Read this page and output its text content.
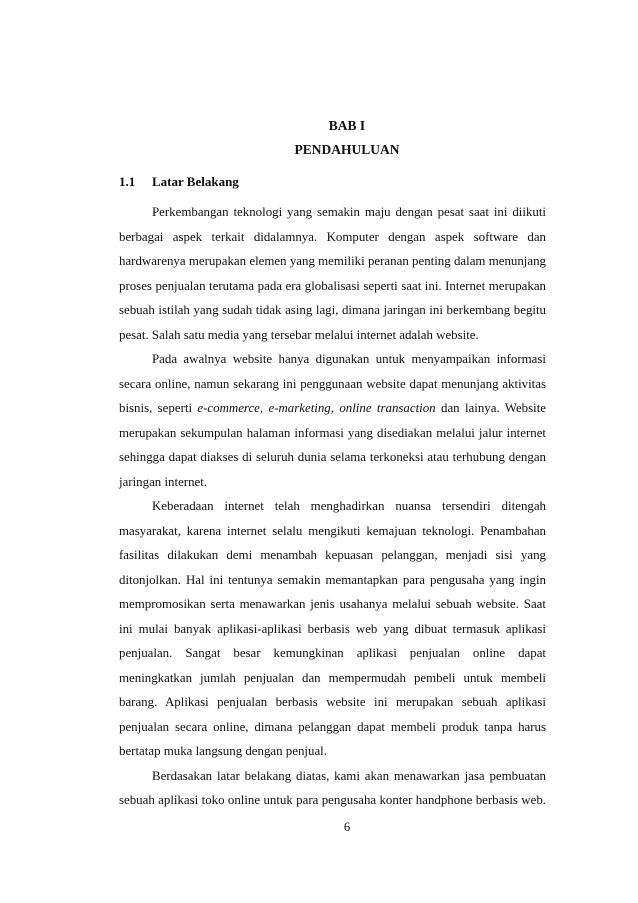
BAB I
PENDAHULUAN
1.1 Latar Belakang

Perkembangan teknologi yang semakin maju dengan pesat saat ini diikuti berbagai aspek terkait didalamnya. Komputer dengan aspek software dan hardwarenya merupakan elemen yang memiliki peranan penting dalam menunjang proses penjualan terutama pada era globalisasi seperti saat ini. Internet merupakan sebuah istilah yang sudah tidak asing lagi, dimana jaringan ini berkembang begitu pesat. Salah satu media yang tersebar melalui internet adalah website.

Pada awalnya website hanya digunakan untuk menyampaikan informasi secara online, namun sekarang ini penggunaan website dapat menunjang aktivitas bisnis, seperti e-commerce, e-marketing, online transaction dan lainya. Website merupakan sekumpulan halaman informasi yang disediakan melalui jalur internet sehingga dapat diakses di seluruh dunia selama terkoneksi atau terhubung dengan jaringan internet.

Keberadaan internet telah menghadirkan nuansa tersendiri ditengah masyarakat, karena internet selalu mengikuti kemajuan teknologi. Penambahan fasilitas dilakukan demi menambah kepuasan pelanggan, menjadi sisi yang ditonjolkan. Hal ini tentunya semakin memantapkan para pengusaha yang ingin mempromosikan serta menawarkan jenis usahanya melalui sebuah website. Saat ini mulai banyak aplikasi-aplikasi berbasis web yang dibuat termasuk aplikasi penjualan. Sangat besar kemungkinan aplikasi penjualan online dapat meningkatkan jumlah penjualan dan mempermudah pembeli untuk membeli barang. Aplikasi penjualan berbasis website ini merupakan sebuah aplikasi penjualan secara online, dimana pelanggan dapat membeli produk tanpa harus bertatap muka langsung dengan penjual.

Berdasakan latar belakang diatas, kami akan menawarkan jasa pembuatan sebuah aplikasi toko online untuk para pengusaha konter handphone berbasis web.

6
